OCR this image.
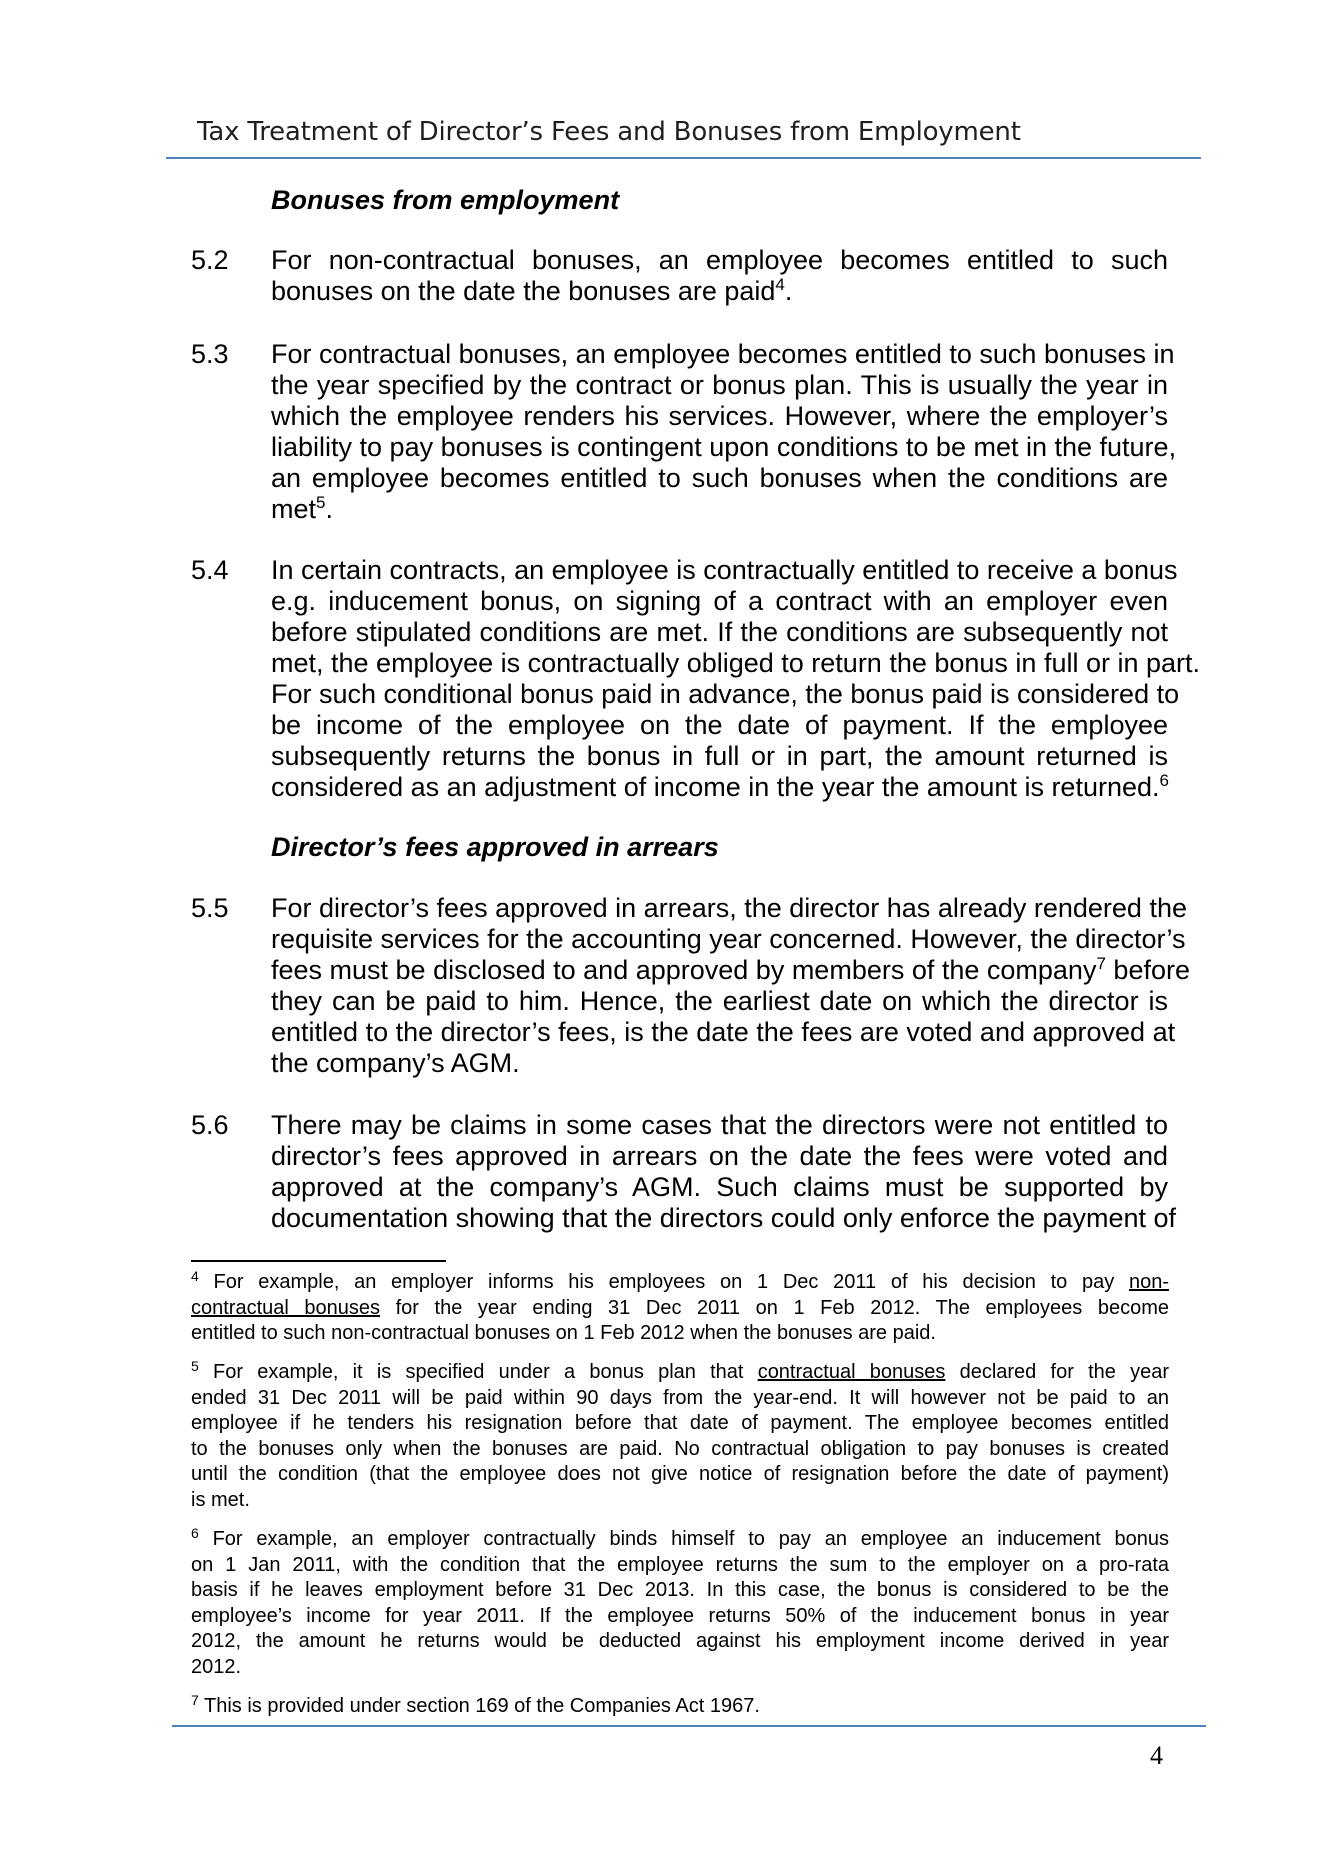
Tax Treatment of Director’s Fees and Bonuses from Employment
Bonuses from employment
5.2 For non-contractual bonuses, an employee becomes entitled to such
bonuses on the date the bonuses are paid$^4$.
5.3 For contractual bonuses, an employee becomes entitled to such bonuses in
the year specified by the contract or bonus plan. This is usually the year in
which the employee renders his services. However, where the employer’s
liability to pay bonuses is contingent upon conditions to be met in the future,
an employee becomes entitled to such bonuses when the conditions are
met$^5$.
5.4 In certain contracts, an employee is contractually entitled to receive a bonus
e.g. inducement bonus, on signing of a contract with an employer even
before stipulated conditions are met. If the conditions are subsequently not
met, the employee is contractually obliged to return the bonus in full or in part.
For such conditional bonus paid in advance, the bonus paid is considered to
be income of the employee on the date of payment. If the employee
subsequently returns the bonus in full or in part, the amount returned is
considered as an adjustment of income in the year the amount is returned.$^6$
Director’s fees approved in arrears
5.5 For director’s fees approved in arrears, the director has already rendered the
requisite services for the accounting year concerned. However, the director’s
fees must be disclosed to and approved by members of the company$^7$ before
they can be paid to him. Hence, the earliest date on which the director is
entitled to the director’s fees, is the date the fees are voted and approved at
the company’s AGM.
5.6 There may be claims in some cases that the directors were not entitled to
director’s fees approved in arrears on the date the fees were voted and
approved at the company’s AGM. Such claims must be supported by
documentation showing that the directors could only enforce the payment of
$^4$ For example, an employer informs his employees on 1 Dec 2011 of his decision to pay non-
contractual bonuses for the year ending 31 Dec 2011 on 1 Feb 2012. The employees become
entitled to such non-contractual bonuses on 1 Feb 2012 when the bonuses are paid.
$^5$ For example, it is specified under a bonus plan that contractual bonuses declared for the year
ended 31 Dec 2011 will be paid within 90 days from the year-end. It will however not be paid to an
employee if he tenders his resignation before that date of payment. The employee becomes entitled
to the bonuses only when the bonuses are paid. No contractual obligation to pay bonuses is created
until the condition (that the employee does not give notice of resignation before the date of payment)
is met.
$^6$ For example, an employer contractually binds himself to pay an employee an inducement bonus
on 1 Jan 2011, with the condition that the employee returns the sum to the employer on a pro-rata
basis if he leaves employment before 31 Dec 2013. In this case, the bonus is considered to be the
employee’s income for year 2011. If the employee returns 50% of the inducement bonus in year
2012, the amount he returns would be deducted against his employment income derived in year
2012.
$^7$ This is provided under section 169 of the Companies Act 1967.
4
